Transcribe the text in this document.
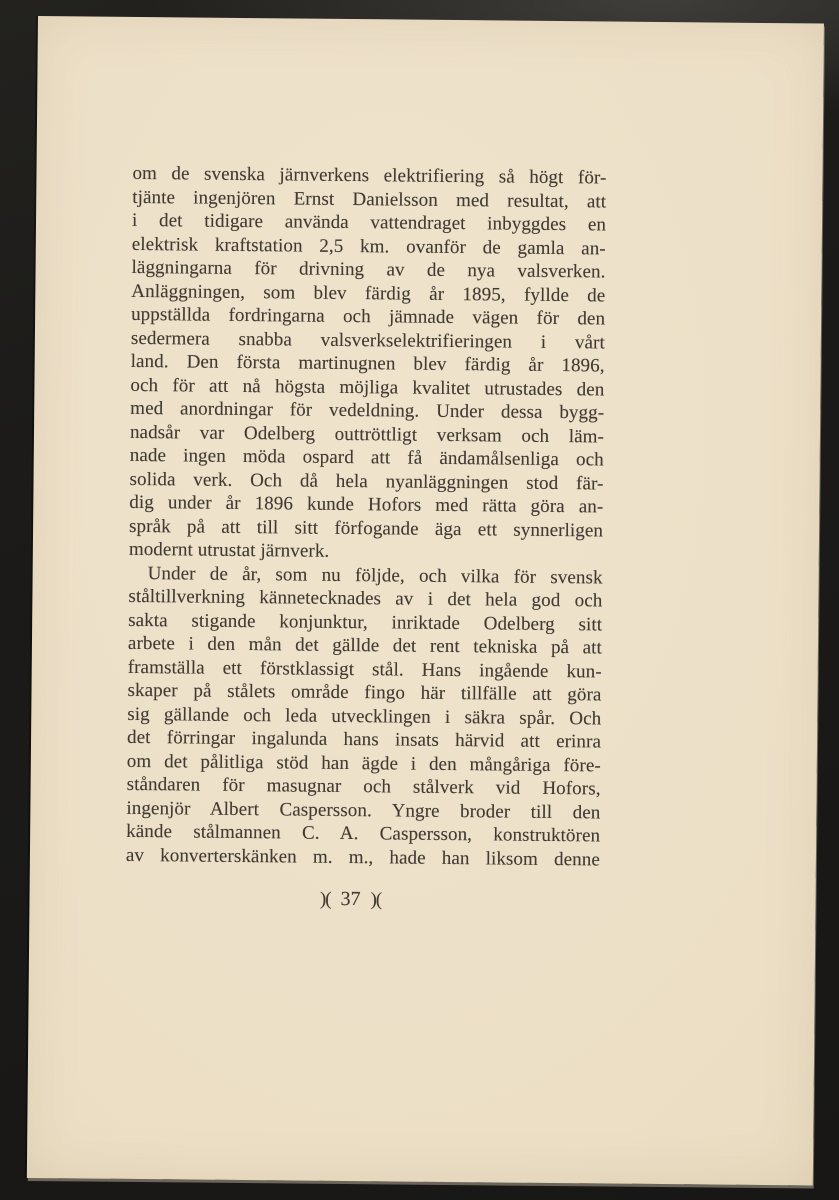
om de svenska järnverkens elektrifiering så högt för-
tjänte ingenjören Ernst Danielsson med resultat, att
i det tidigare använda vattendraget inbyggdes en
elektrisk kraftstation 2,5 km. ovanför de gamla an-
läggningarna för drivning av de nya valsverken.
Anläggningen, som blev färdig år 1895, fyllde de
uppställda fordringarna och jämnade vägen för den
sedermera snabba valsverkselektrifieringen i vårt
land. Den första martinugnen blev färdig år 1896,
och för att nå högsta möjliga kvalitet utrustades den
med anordningar för vedeldning. Under dessa bygg-
nadsår var Odelberg outtröttligt verksam och läm-
nade ingen möda ospard att få ändamålsenliga och
solida verk. Och då hela nyanläggningen stod fär-
dig under år 1896 kunde Hofors med rätta göra an-
språk på att till sitt förfogande äga ett synnerligen
modernt utrustat järnverk.
Under de år, som nu följde, och vilka för svensk
ståltillverkning kännetecknades av i det hela god och
sakta stigande konjunktur, inriktade Odelberg sitt
arbete i den mån det gällde det rent tekniska på att
framställa ett förstklassigt stål. Hans ingående kun-
skaper på stålets område fingo här tillfälle att göra
sig gällande och leda utvecklingen i säkra spår. Och
det förringar ingalunda hans insats härvid att erinra
om det pålitliga stöd han ägde i den mångåriga före-
ståndaren för masugnar och stålverk vid Hofors,
ingenjör Albert Caspersson. Yngre broder till den
kände stålmannen C. A. Caspersson, konstruktören
av konverterskänken m. m., hade han liksom denne
)( 37 )(
